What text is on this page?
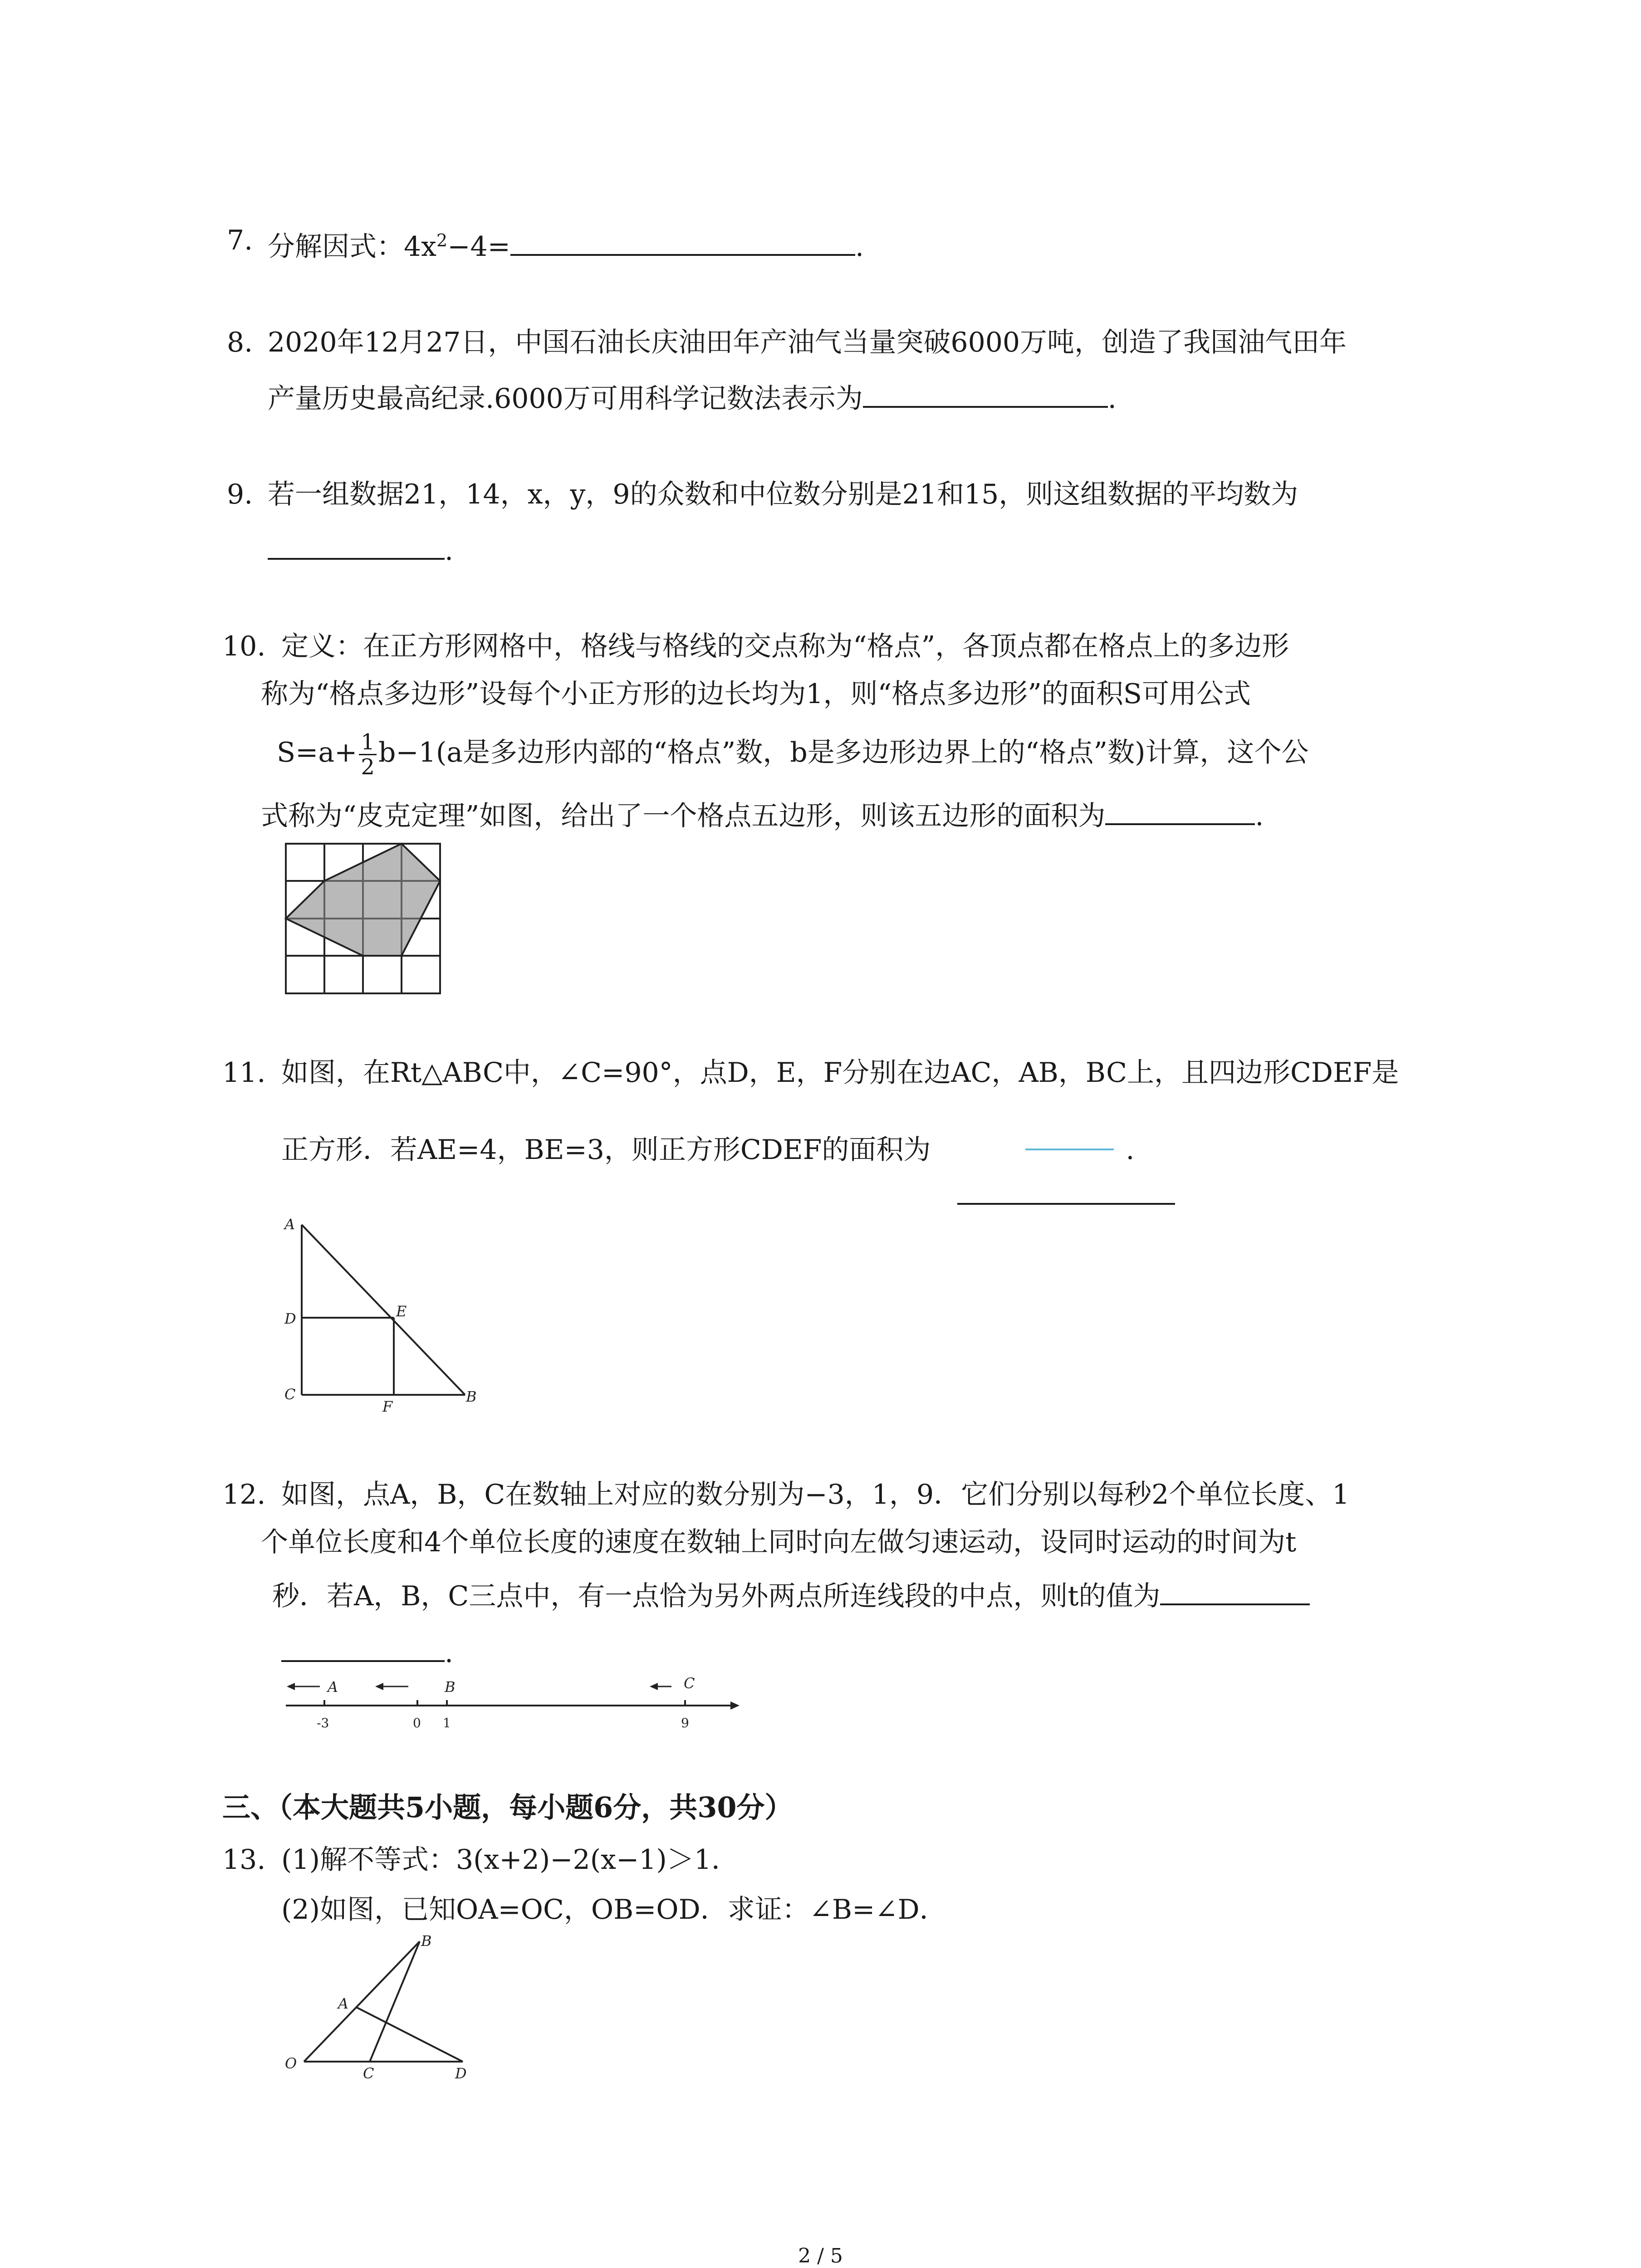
7. 分解因式：$4x^2-4=$	.
8. 2020年12月27日，中国石油长庆油田年产油气当量突破6000万吨，创造了我国油气田年
产量历史最高纪录.6000万可用科学记数法表示为	.
9. 若一组数据21，14，x，y，9的众数和中位数分别是21和15，则这组数据的平均数为
.
10. 定义：在正方形网格中，格线与格线的交点称为“格点”，各顶点都在格点上的多边形
称为“格点多边形”设每个小正方形的边长均为1，则“格点多边形”的面积S可用公式
$S=a+ \frac{1}{2} b-1(a$是多边形内部的“格点”数，b是多边形边界上的“格点”数)计算，这个公
式称为“皮克定理”如图，给出了一个格点五边形，则该五边形的面积为	.
11. 如图，在Rt△ABC中，∠C=90°，点D，E，F分别在边AC，AB，BC上，且四边形CDEF是
正方形．若AE=4，BE=3，则正方形CDEF的面积为	.
A
D	E
C
F
B
12. 如图，点A，B，C在数轴上对应的数分别为−3，1，9．它们分别以每秒2个单位长度、1
个单位长度和4个单位长度的速度在数轴上同时向左做匀速运动，设同时运动的时间为t
秒．若A，B，C三点中，有一点恰为另外两点所连线段的中点，则t的值为
.
A	B	C
-3	0 1	9
三、（本大题共5小题，每小题6分，共30分）
13. (1)解不等式：3(x+2)−2(x−1)＞1．
(2)如图，已知OA=OC，OB=OD．求证：∠B=∠D．
B
A
O
C	D
2 / 5
